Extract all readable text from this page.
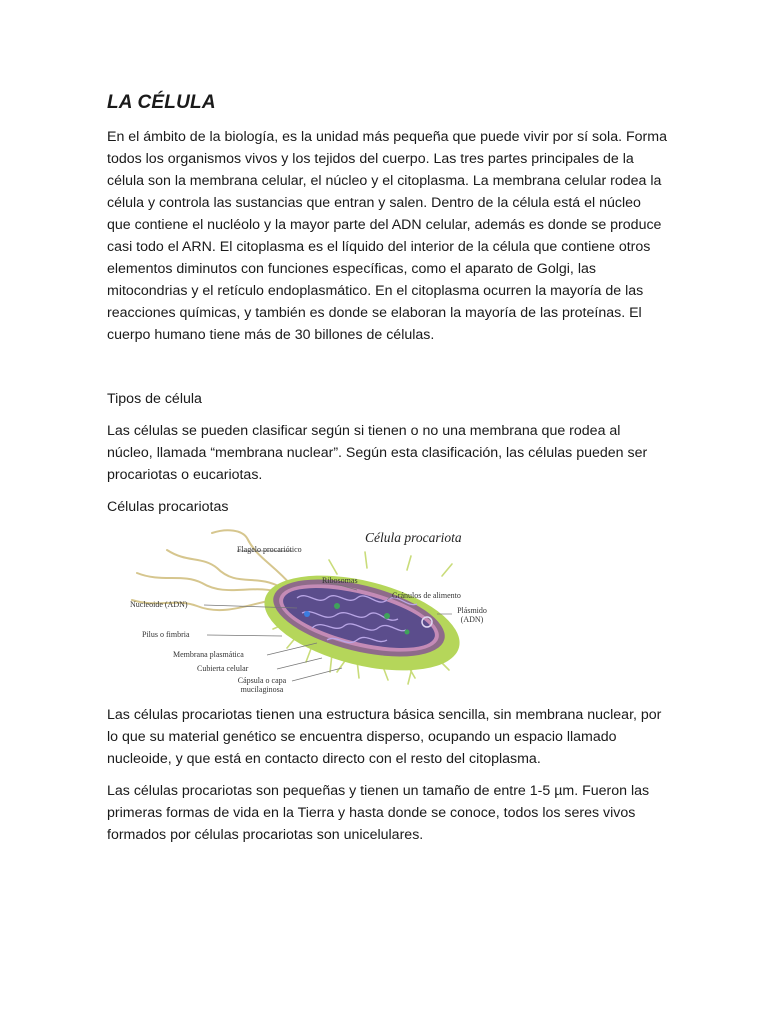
LA CÉLULA

En el ámbito de la biología, es la unidad más pequeña que puede vivir por sí sola. Forma todos los organismos vivos y los tejidos del cuerpo. Las tres partes principales de la célula son la membrana celular, el núcleo y el citoplasma. La membrana celular rodea la célula y controla las sustancias que entran y salen. Dentro de la célula está el núcleo que contiene el nucléolo y la mayor parte del ADN celular, además es donde se produce casi todo el ARN. El citoplasma es el líquido del interior de la célula que contiene otros elementos diminutos con funciones específicas, como el aparato de Golgi, las mitocondrias y el retículo endoplasmático. En el citoplasma ocurren la mayoría de las reacciones químicas, y también es donde se elaboran la mayoría de las proteínas. El cuerpo humano tiene más de 30 billones de células.

Tipos de célula

Las células se pueden clasificar según si tienen o no una membrana que rodea al núcleo, llamada “membrana nuclear”. Según esta clasificación, las células pueden ser procariotas o eucariotas.

Células procariotas

Célula procariota
Flagelo procariótico
Ribosomas
Gránulos de alimento
Nucleoide (ADN)
Plásmido (ADN)
Pilus o fimbria
Membrana plasmática
Cubierta celular
Cápsula o capa mucilaginosa

Las células procariotas tienen una estructura básica sencilla, sin membrana nuclear, por lo que su material genético se encuentra disperso, ocupando un espacio llamado nucleoide, y que está en contacto directo con el resto del citoplasma.

Las células procariotas son pequeñas y tienen un tamaño de entre 1-5 µm. Fueron las primeras formas de vida en la Tierra y hasta donde se conoce, todos los seres vivos formados por células procariotas son unicelulares.
